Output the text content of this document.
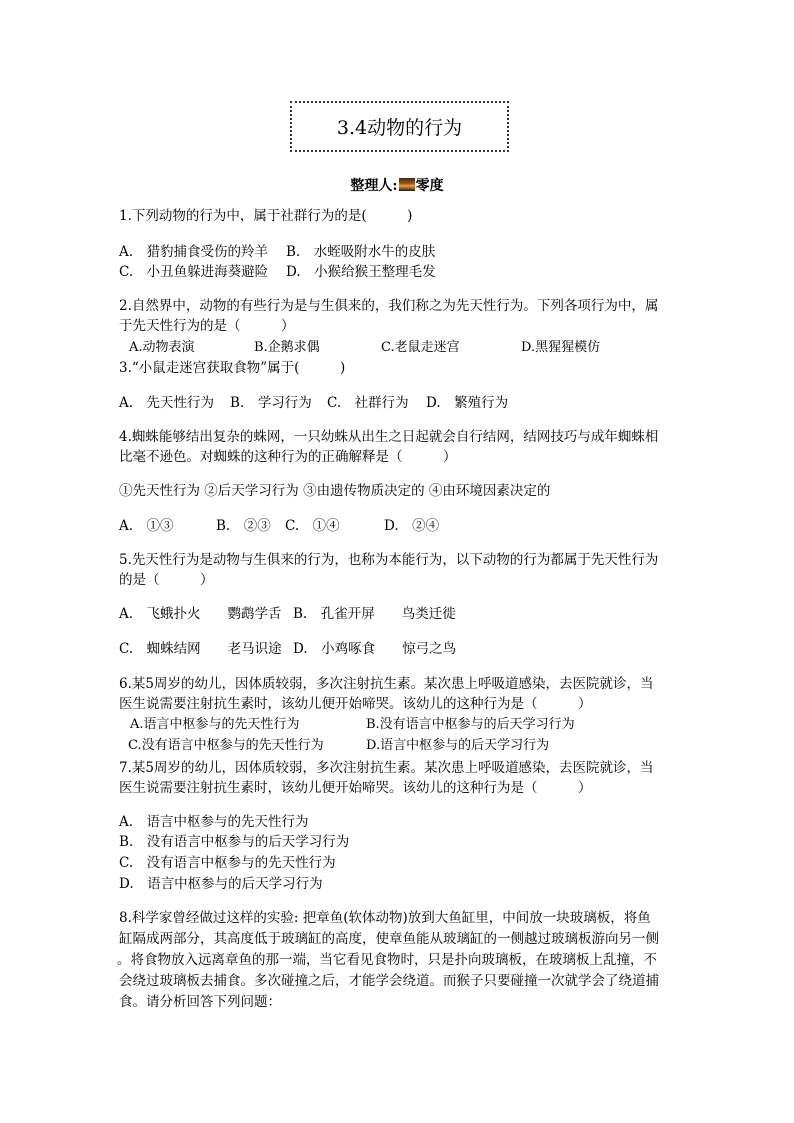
3.4动物的行为
整理人: 零度
1.下列动物的行为中，属于社群行为的是(　　　)
A.　猎豹捕食受伤的羚羊 B.　水蛭吸附水牛的皮肤
C.　小丑鱼躲进海葵避险 D.　小猴给猴王整理毛发
2.自然界中，动物的有些行为是与生俱来的，我们称之为先天性行为。下列各项行为中，属
于先天性行为的是（　　　）
A.动物表演	B.企鹅求偶	C.老鼠走迷宫	D.黑猩猩模仿
3.“小鼠走迷宫获取食物”属于(　　　)
A.　先天性行为 B.　学习行为 C.　社群行为 D.　繁殖行为
4.蜘蛛能够结出复杂的蛛网，一只幼蛛从出生之日起就会自行结网，结网技巧与成年蜘蛛相
比毫不逊色。对蜘蛛的这种行为的正确解释是（　　　）
①先天性行为 ②后天学习行为 ③由遗传物质决定的 ④由环境因素决定的
A.　①③	B.　②③ C.　①④	D.　②④
5.先天性行为是动物与生俱来的行为，也称为本能行为，以下动物的行为都属于先天性行为
的是（　　　）
A.　飞蛾扑火　　鹦鹉学舌 B.　孔雀开屏　　鸟类迁徙
C.　蜘蛛结网　　老马识途 D.　小鸡啄食　　惊弓之鸟
6.某5周岁的幼儿，因体质较弱，多次注射抗生素。某次患上呼吸道感染，去医院就诊，当
医生说需要注射抗生素时，该幼儿便开始啼哭。该幼儿的这种行为是（　　　）
A.语言中枢参与的先天性行为	B.没有语言中枢参与的后天学习行为
C.没有语言中枢参与的先天性行为	D.语言中枢参与的后天学习行为
7.某5周岁的幼儿，因体质较弱，多次注射抗生素。某次患上呼吸道感染，去医院就诊，当
医生说需要注射抗生素时，该幼儿便开始啼哭。该幼儿的这种行为是（　　　）
A.　语言中枢参与的先天性行为
B.　没有语言中枢参与的后天学习行为
C.　没有语言中枢参与的先天性行为
D.　语言中枢参与的后天学习行为
8.科学家曾经做过这样的实验: 把章鱼(软体动物)放到大鱼缸里，中间放一块玻璃板，将鱼
缸隔成两部分，其高度低于玻璃缸的高度，使章鱼能从玻璃缸的一侧越过玻璃板游向另一侧
。将食物放入远离章鱼的那一端，当它看见食物时，只是扑向玻璃板，在玻璃板上乱撞，不
会绕过玻璃板去捕食。多次碰撞之后，才能学会绕道。而猴子只要碰撞一次就学会了绕道捕
食。请分析回答下列问题：
